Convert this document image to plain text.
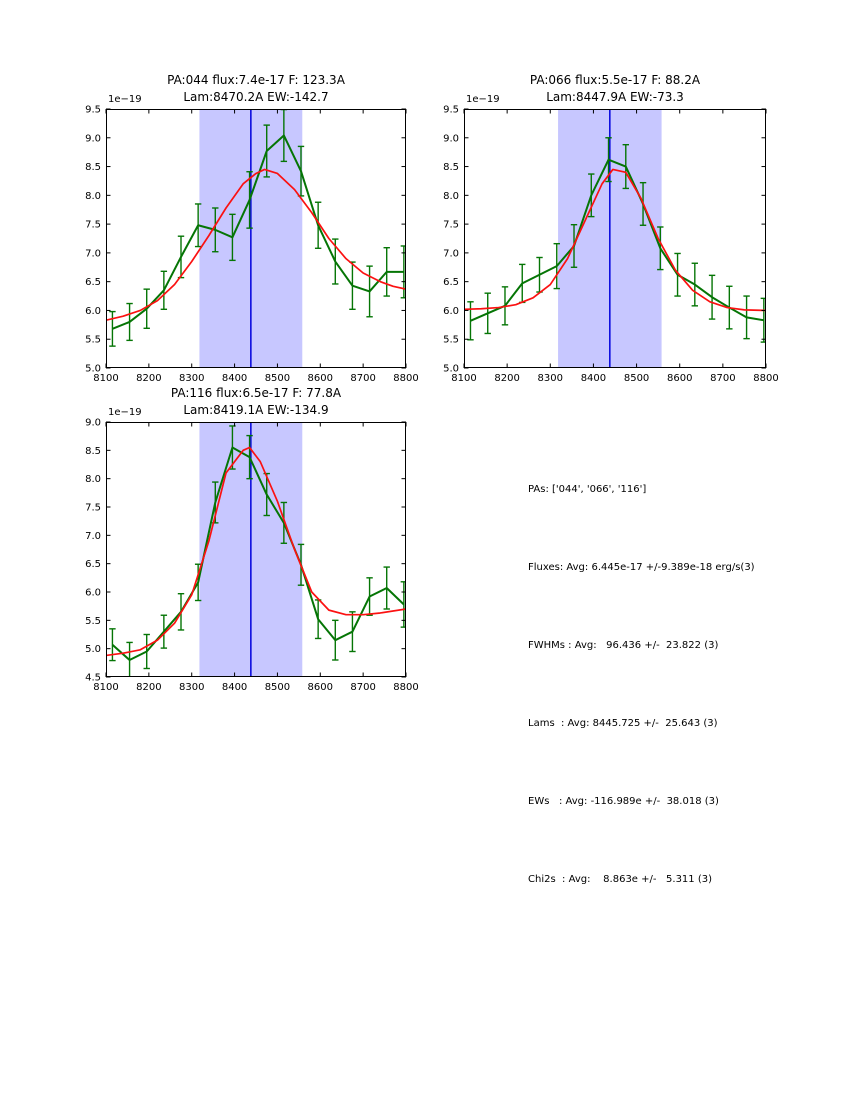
PA:044 flux:7.4e-17 F: 123.3A
Lam:8470.2A EW:-142.7
PA:066 flux:5.5e-17 F: 88.2A
Lam:8447.9A EW:-73.3
PA:116 flux:6.5e-17 F: 77.8A
Lam:8419.1A EW:-134.9
1e−19	1e−19
1e−19
8100 8200 8300 8400 8500 8600 8700 8800
5.0
5.5
6.0
6.5
7.0
7.5
8.0
8.5
9.0
9.5
8100 8200 8300 8400 8500 8600 8700 8800
5.0
5.5
6.0
6.5
7.0
7.5
8.0
8.5
9.0
9.5
8100 8200 8300 8400 8500 8600 8700 8800
4.5
5.0
5.5
6.0
6.5
7.0
7.5
8.0
8.5
9.0

PAs: ['044', '066', '116']

Fluxes: Avg: 6.445e-17 +/-9.389e-18 erg/s(3)

FWHMs : Avg:   96.436 +/-  23.822 (3)

Lams  : Avg: 8445.725 +/-  25.643 (3)

EWs   : Avg: -116.989e +/-  38.018 (3)

Chi2s  : Avg:    8.863e +/-   5.311 (3)
